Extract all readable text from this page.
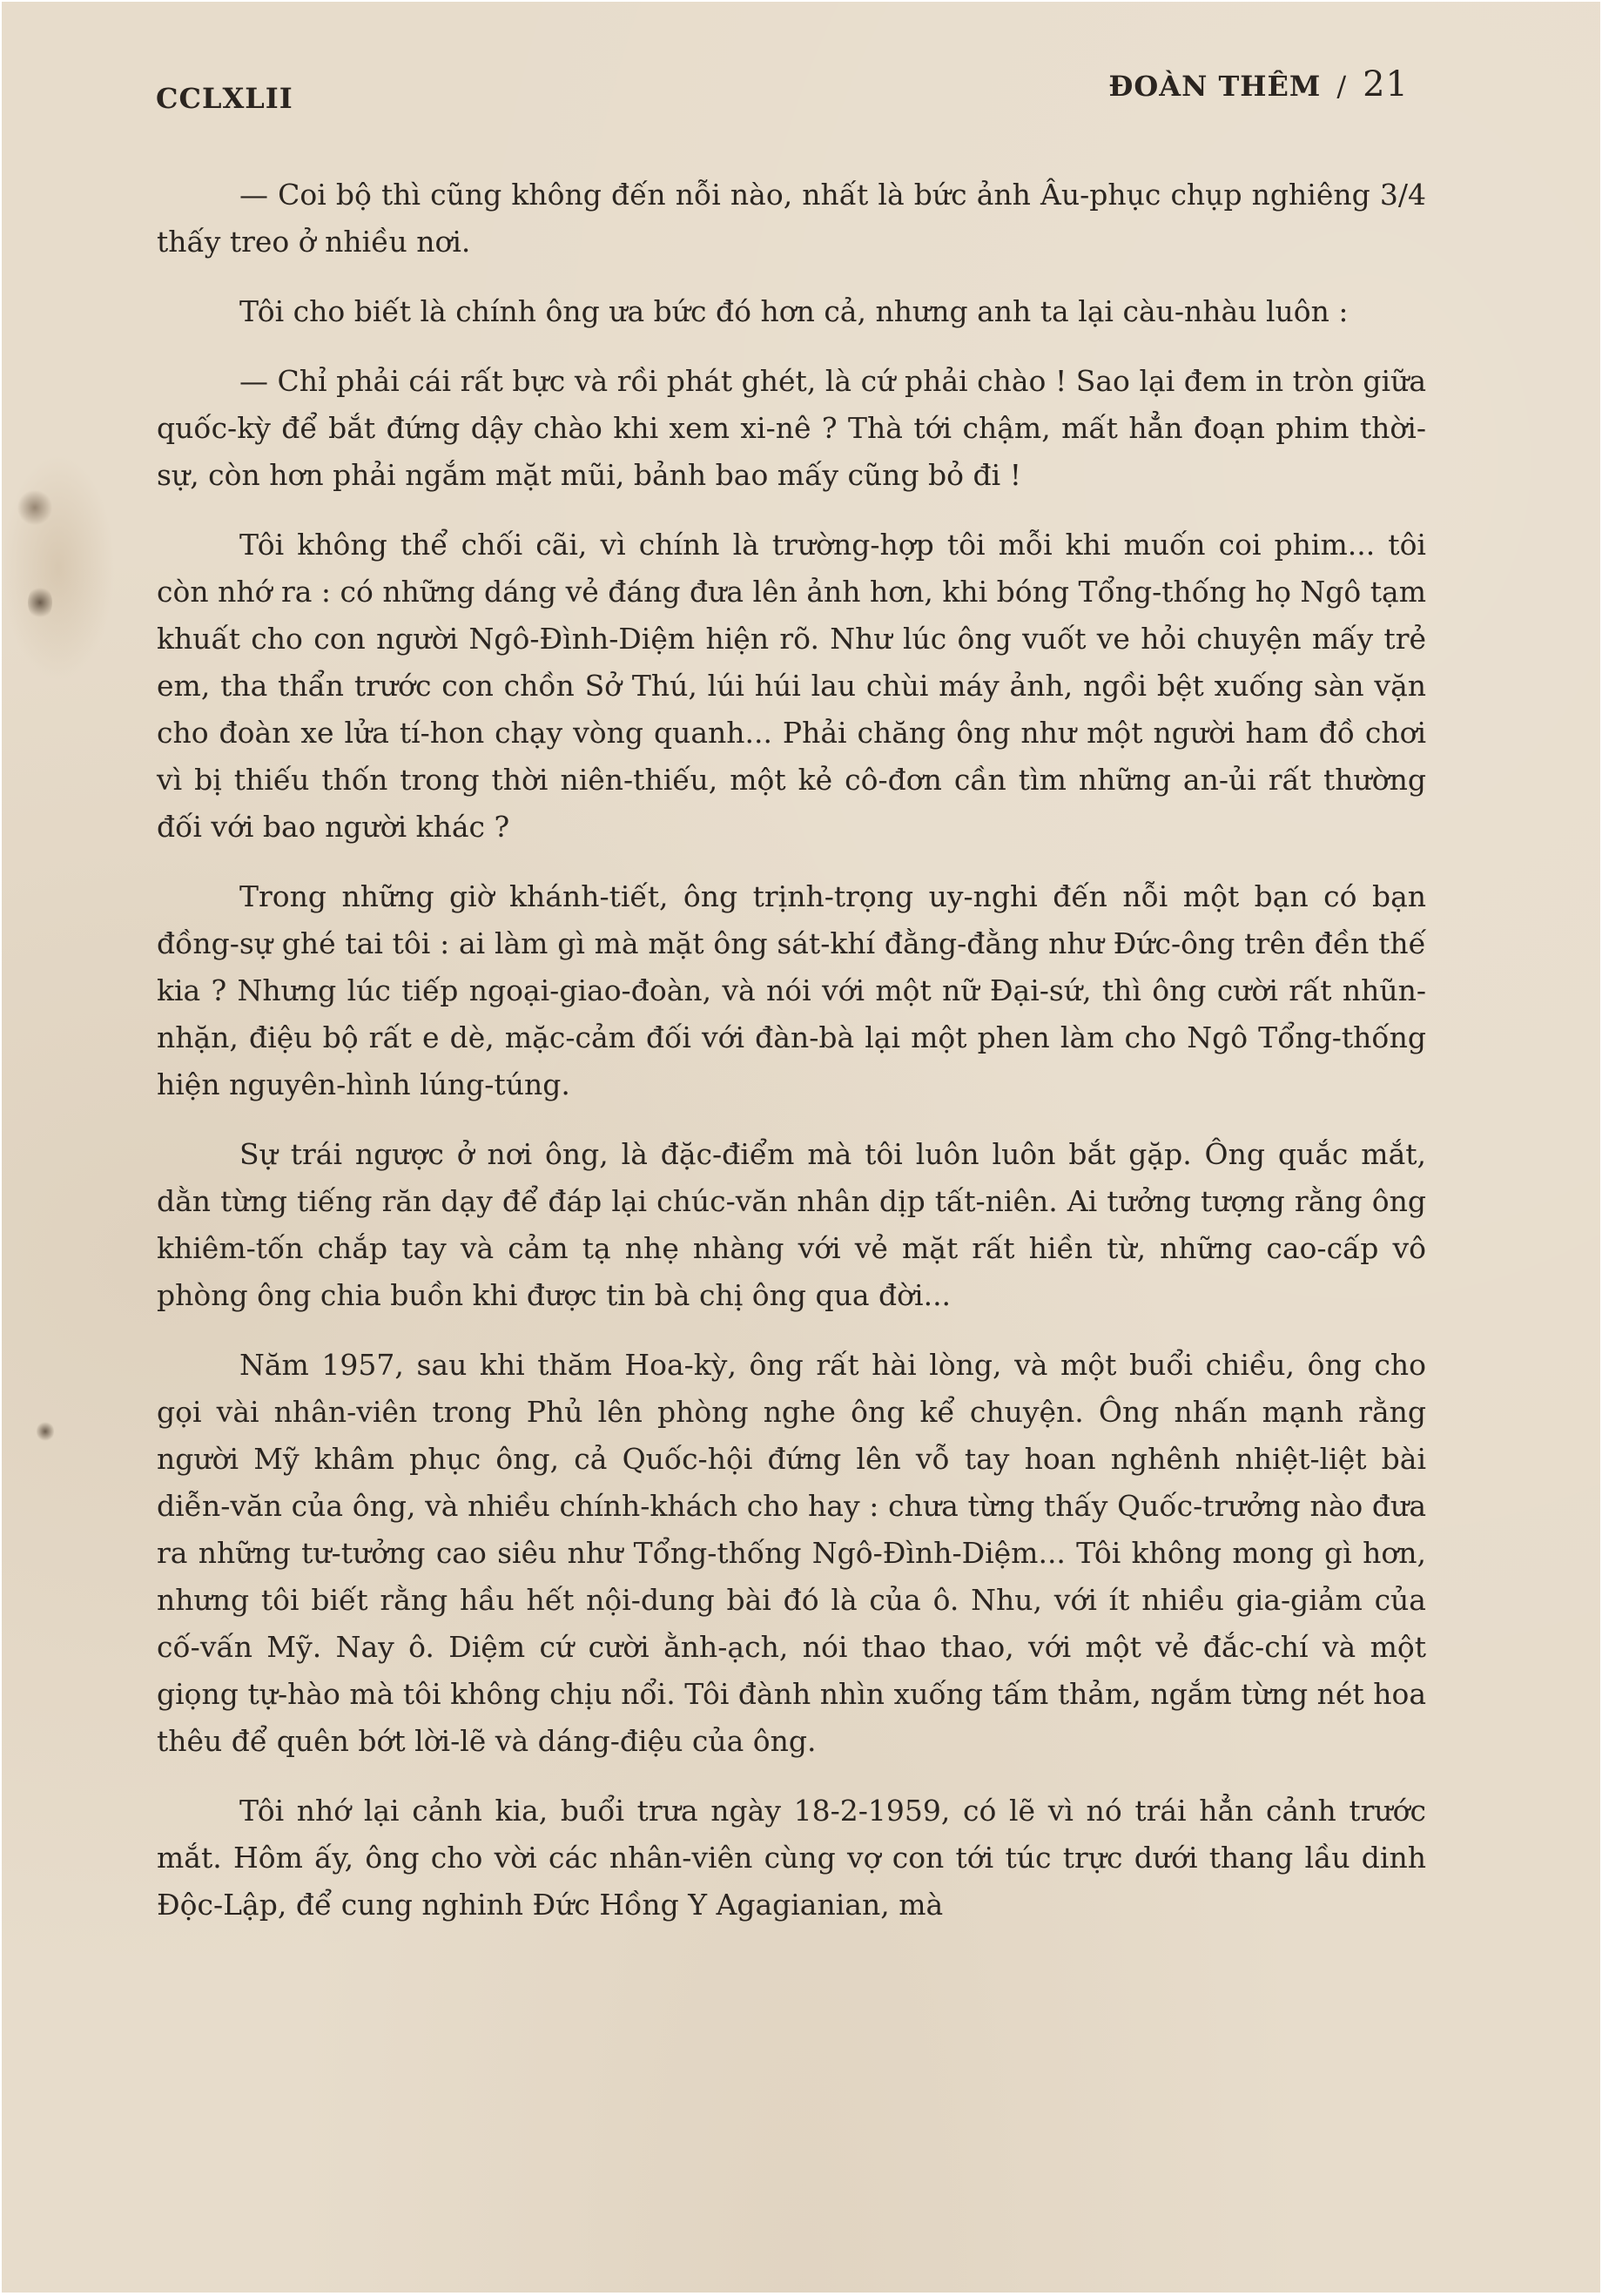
CCLXLII	ĐOÀN THÊM / 21

— Coi bộ thì cũng không đến nỗi nào, nhất là bức ảnh Âu-phục chụp nghiêng 3/4 thấy treo ở nhiều nơi.

Tôi cho biết là chính ông ưa bức đó hơn cả, nhưng anh ta lại càu-nhàu luôn :

— Chỉ phải cái rất bực và rồi phát ghét, là cứ phải chào ! Sao lại đem in tròn giữa quốc-kỳ để bắt đứng dậy chào khi xem xi-nê ? Thà tới chậm, mất hẳn đoạn phim thời-sự, còn hơn phải ngắm mặt mũi, bảnh bao mấy cũng bỏ đi !

Tôi không thể chối cãi, vì chính là trường-hợp tôi mỗi khi muốn coi phim... tôi còn nhớ ra : có những dáng vẻ đáng đưa lên ảnh hơn, khi bóng Tổng-thống họ Ngô tạm khuất cho con người Ngô-Đình-Diệm hiện rõ. Như lúc ông vuốt ve hỏi chuyện mấy trẻ em, tha thẩn trước con chồn Sở Thú, lúi húi lau chùi máy ảnh, ngồi bệt xuống sàn vặn cho đoàn xe lửa tí-hon chạy vòng quanh... Phải chăng ông như một người ham đồ chơi vì bị thiếu thốn trong thời niên-thiếu, một kẻ cô-đơn cần tìm những an-ủi rất thường đối với bao người khác ?

Trong những giờ khánh-tiết, ông trịnh-trọng uy-nghi đến nỗi một bạn có bạn đồng-sự ghé tai tôi : ai làm gì mà mặt ông sát-khí đằng-đằng như Đức-ông trên đền thế kia ? Nhưng lúc tiếp ngoại-giao-đoàn, và nói với một nữ Đại-sứ, thì ông cười rất nhũn-nhặn, điệu bộ rất e dè, mặc-cảm đối với đàn-bà lại một phen làm cho Ngô Tổng-thống hiện nguyên-hình lúng-túng.

Sự trái ngược ở nơi ông, là đặc-điểm mà tôi luôn luôn bắt gặp. Ông quắc mắt, dằn từng tiếng răn dạy để đáp lại chúc-văn nhân dịp tất-niên. Ai tưởng tượng rằng ông khiêm-tốn chắp tay và cảm tạ nhẹ nhàng với vẻ mặt rất hiền từ, những cao-cấp vô phòng ông chia buồn khi được tin bà chị ông qua đời...

Năm 1957, sau khi thăm Hoa-kỳ, ông rất hài lòng, và một buổi chiều, ông cho gọi vài nhân-viên trong Phủ lên phòng nghe ông kể chuyện. Ông nhấn mạnh rằng người Mỹ khâm phục ông, cả Quốc-hội đứng lên vỗ tay hoan nghênh nhiệt-liệt bài diễn-văn của ông, và nhiều chính-khách cho hay : chưa từng thấy Quốc-trưởng nào đưa ra những tư-tưởng cao siêu như Tổng-thống Ngô-Đình-Diệm... Tôi không mong gì hơn, nhưng tôi biết rằng hầu hết nội-dung bài đó là của ô. Nhu, với ít nhiều gia-giảm của cố-vấn Mỹ. Nay ô. Diệm cứ cười ằnh-ạch, nói thao thao, với một vẻ đắc-chí và một giọng tự-hào mà tôi không chịu nổi. Tôi đành nhìn xuống tấm thảm, ngắm từng nét hoa thêu để quên bớt lời-lẽ và dáng-điệu của ông.

Tôi nhớ lại cảnh kia, buổi trưa ngày 18-2-1959, có lẽ vì nó trái hẳn cảnh trước mắt. Hôm ấy, ông cho vời các nhân-viên cùng vợ con tới túc trực dưới thang lầu dinh Độc-Lập, để cung nghinh Đức Hồng Y Agagianian, mà
